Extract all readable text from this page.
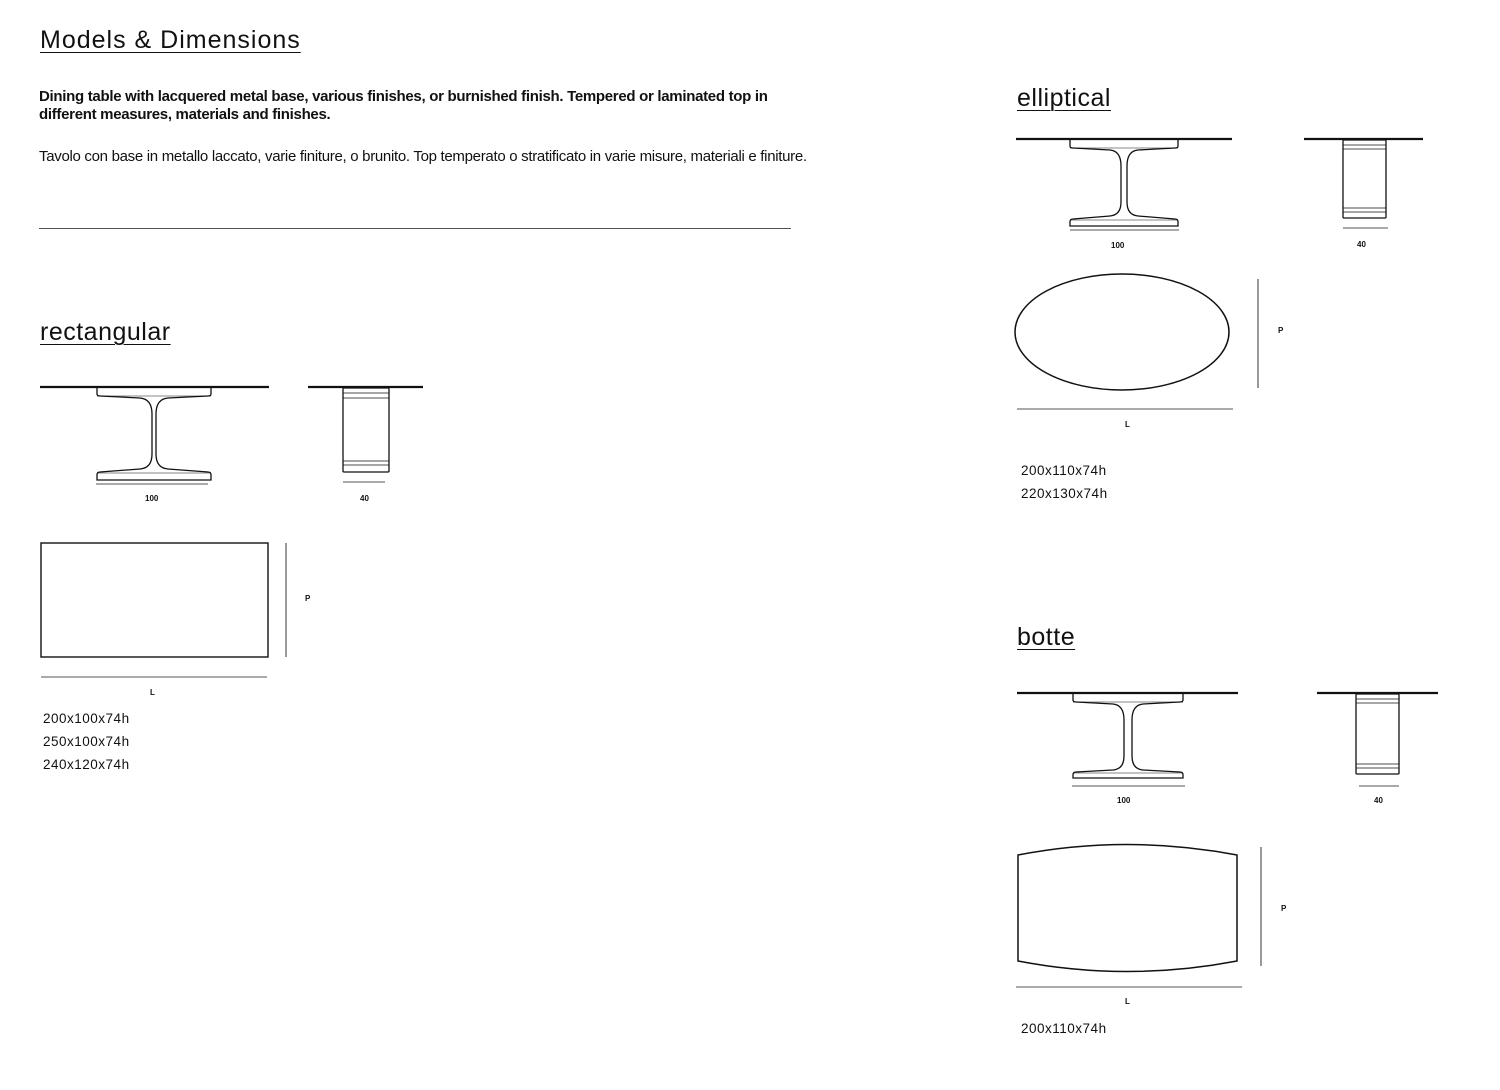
Models & Dimensions
Dining table with lacquered metal base, various finishes, or burnished finish. Tempered or laminated top in different measures, materials and finishes.
Tavolo con base in metallo laccato, varie finiture, o brunito. Top temperato o stratificato in varie misure, materiali e finiture.
rectangular
100	40
P
L
200x100x74h
250x100x74h
240x120x74h
elliptical
100	40
P
L
200x110x74h
220x130x74h
botte
100	40
P
L
200x110x74h
